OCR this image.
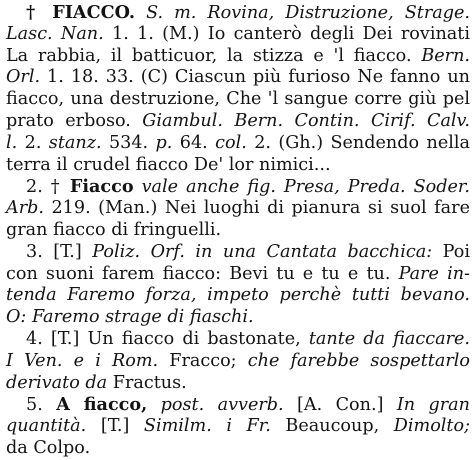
† FIACCO. S. m. Rovina, Distruzione, Strage.
Lasc. Nan. 1. 1. (M.) Io canterò degli Dei rovinati
La rabbia, il batticuor, la stizza e 'l fiacco. Bern.
Orl. 1. 18. 33. (C) Ciascun più furioso Ne fanno un
fiacco, una destruzione, Che 'l sangue corre giù pel
prato erboso. Giambul. Bern. Contin. Cirif. Calv.
l. 2. stanz. 534. p. 64. col. 2. (Gh.) Sendendo nella
terra il crudel fiacco De' lor nimici...
2. † Fiacco vale anche fig. Presa, Preda. Soder.
Arb. 219. (Man.) Nei luoghi di pianura si suol fare
gran fiacco di fringuelli.
3. [T.] Poliz. Orf. in una Cantata bacchica: Poi
con suoni farem fiacco: Bevi tu e tu e tu. Pare in-
tenda Faremo forza, impeto perchè tutti bevano.
O: Faremo strage di fiaschi.
4. [T.] Un fiacco di bastonate, tante da fiaccare.
I Ven. e i Rom. Fracco; che farebbe sospettarlo
derivato da Fractus.
5. A fiacco, post. avverb. [A. Con.] In gran
quantità. [T.] Similm. i Fr. Beaucoup, Dimolto;
da Colpo.
